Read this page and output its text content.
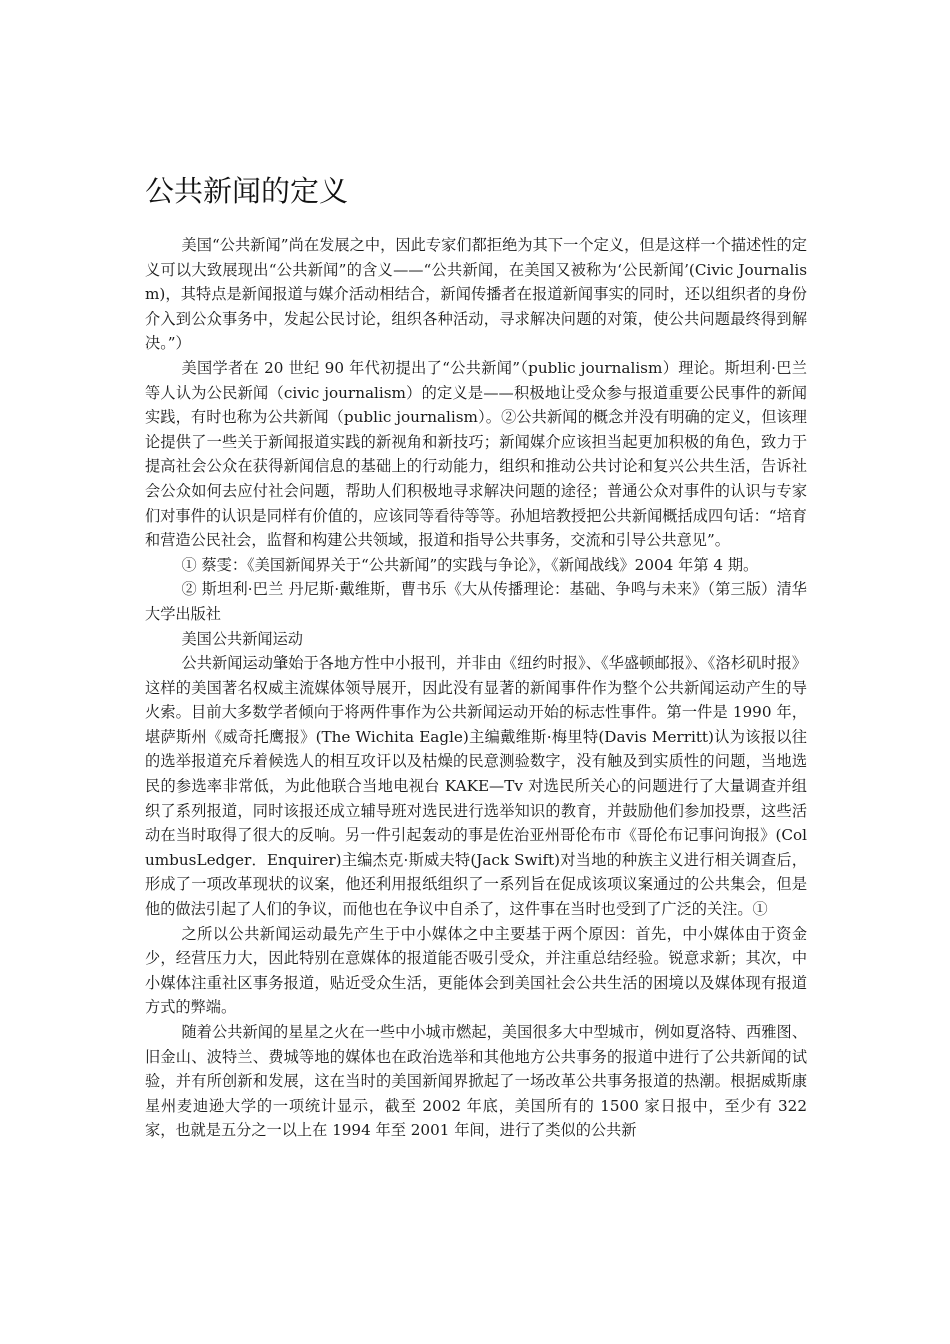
公共新闻的定义

美国“公共新闻”尚在发展之中，因此专家们都拒绝为其下一个定义，但是这样一个描述性的定义可以大致展现出“公共新闻”的含义——“公共新闻，在美国又被称为‘公民新闻’(Civic Journalism)，其特点是新闻报道与媒介活动相结合，新闻传播者在报道新闻事实的同时，还以组织者的身份介入到公众事务中，发起公民讨论，组织各种活动，寻求解决问题的对策，使公共问题最终得到解决。”）

美国学者在 20 世纪 90 年代初提出了“公共新闻”（public journalism）理论。斯坦利·巴兰等人认为公民新闻（civic journalism）的定义是——积极地让受众参与报道重要公民事件的新闻实践，有时也称为公共新闻（public journalism）。②公共新闻的概念并没有明确的定义，但该理论提供了一些关于新闻报道实践的新视角和新技巧；新闻媒介应该担当起更加积极的角色，致力于提高社会公众在获得新闻信息的基础上的行动能力，组织和推动公共讨论和复兴公共生活，告诉社会公众如何去应付社会问题，帮助人们积极地寻求解决问题的途径；普通公众对事件的认识与专家们对事件的认识是同样有价值的，应该同等看待等等。孙旭培教授把公共新闻概括成四句话：“培育和营造公民社会，监督和构建公共领域，报道和指导公共事务，交流和引导公共意见”。

① 蔡雯：《美国新闻界关于“公共新闻”的实践与争论》，《新闻战线》2004 年第 4 期。

② 斯坦利·巴兰 丹尼斯·戴维斯，曹书乐《大从传播理论：基础、争鸣与未来》（第三版）清华大学出版社

美国公共新闻运动

公共新闻运动肇始于各地方性中小报刊，并非由《纽约时报》、《华盛顿邮报》、《洛杉矶时报》这样的美国著名权威主流媒体领导展开，因此没有显著的新闻事件作为整个公共新闻运动产生的导火索。目前大多数学者倾向于将两件事作为公共新闻运动开始的标志性事件。第一件是 1990 年，堪萨斯州《威奇托鹰报》(The Wichita Eagle)主编戴维斯·梅里特(Davis Merritt)认为该报以往的选举报道充斥着候选人的相互攻讦以及枯燥的民意测验数字，没有触及到实质性的问题，当地选民的参选率非常低，为此他联合当地电视台 KAKE—Tv 对选民所关心的问题进行了大量调查并组织了系列报道，同时该报还成立辅导班对选民进行选举知识的教育，并鼓励他们参加投票，这些活动在当时取得了很大的反响。另一件引起轰动的事是佐治亚州哥伦布市《哥伦布记事问询报》(ColumbusLedger．Enquirer)主编杰克·斯威夫特(Jack Swift)对当地的种族主义进行相关调查后，形成了一项改革现状的议案，他还利用报纸组织了一系列旨在促成该项议案通过的公共集会，但是他的做法引起了人们的争议，而他也在争议中自杀了，这件事在当时也受到了广泛的关注。①

之所以公共新闻运动最先产生于中小媒体之中主要基于两个原因：首先，中小媒体由于资金少，经营压力大，因此特别在意媒体的报道能否吸引受众，并注重总结经验。锐意求新；其次，中小媒体注重社区事务报道，贴近受众生活，更能体会到美国社会公共生活的困境以及媒体现有报道方式的弊端。

随着公共新闻的星星之火在一些中小城市燃起，美国很多大中型城市，例如夏洛特、西雅图、旧金山、波特兰、费城等地的媒体也在政治选举和其他地方公共事务的报道中进行了公共新闻的试验，并有所创新和发展，这在当时的美国新闻界掀起了一场改革公共事务报道的热潮。根据威斯康星州麦迪逊大学的一项统计显示，截至 2002 年底，美国所有的 1500 家日报中，至少有 322 家，也就是五分之一以上在 1994 年至 2001 年间，进行了类似的公共新
